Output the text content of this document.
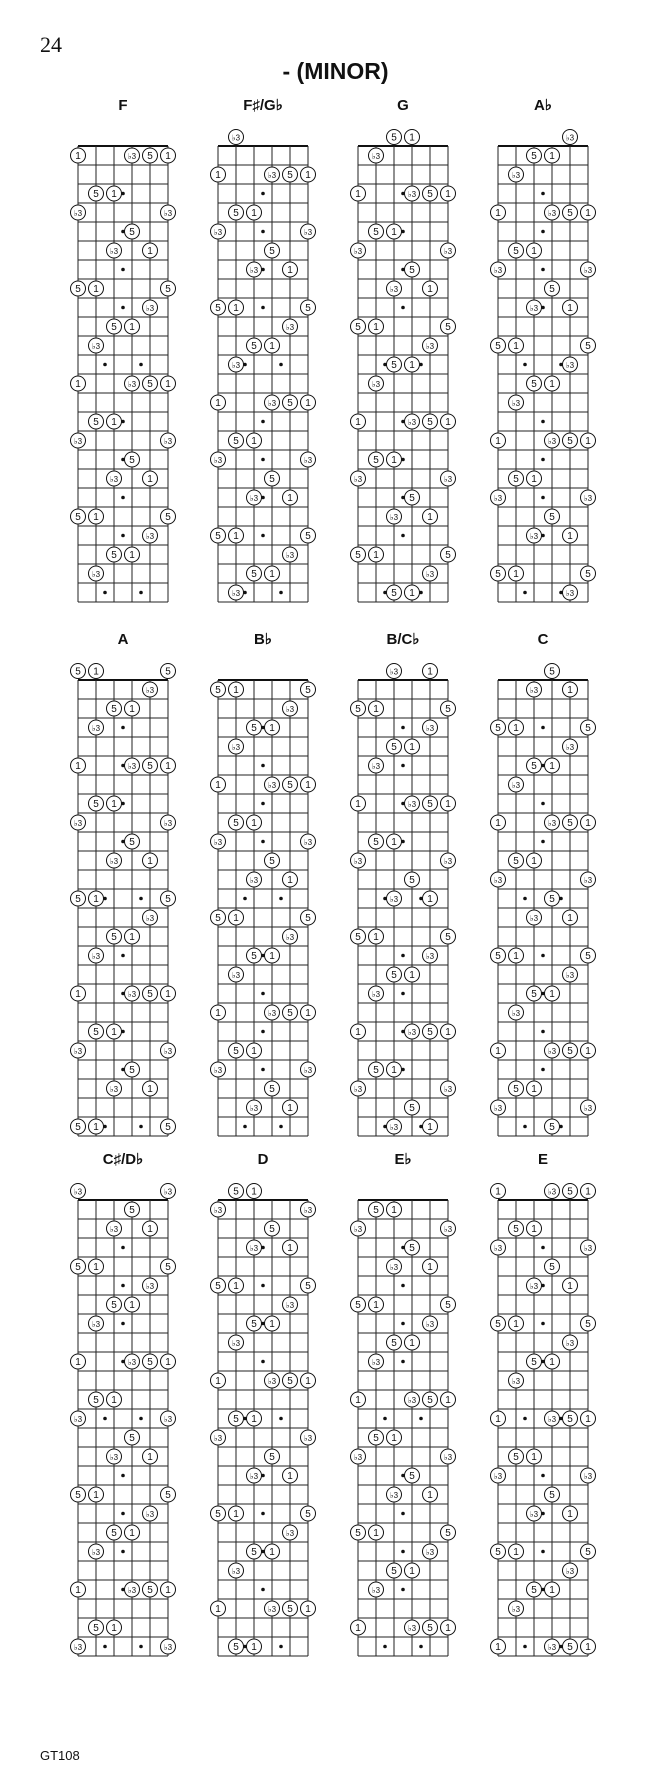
24
- (MINOR)
F
1
♭3
5
1
♭3
5
5
1
♭3
5
1
♭3
1
♭3
5
1
♭3
5
♭3
5
1
♭3
5
1
5
1
♭3
5
1
♭3
1
♭3
5
1
♭3
5
F♯/G♭
1
♭3
5
1
♭3
5
♭3
5
1
♭3
5
1
♭3
1
♭3
5
1
♭3
5
♭3
5
1
♭3
5
1
5
1
♭3
5
1
♭3
1
♭3
5
1
♭3
5
G
1
♭3
5
1
♭3
5
♭3
5
1
♭3
5
1
5
1
♭3
5
1
♭3
5
1
♭3
5
1
♭3
5
1
5
1
♭3
5
1
♭3
1
♭3
5
1
♭3
5
A♭
1
♭3
5
1
♭3
5
♭3
5
1
♭3
5
1
5
1
♭3
5
1
♭3
1
♭3
5
1
♭3
5
♭3
5
1
♭3
5
1
♭3
1
♭3
5
1
♭3
5
A
5
1
♭3
5
1
♭3
5
1
♭3
5
1
♭3
5
1
5
1
♭3
5
1
♭3
1
♭3
5
1
♭3
5
♭3
5
1
♭3
5
1
5
1
♭3
5
1
♭3
5
B♭
5
1
♭3
5
1
♭3
1
♭3
5
1
♭3
5
5
1
♭3
5
1
♭3
1
♭3
5
1
♭3
5
♭3
5
1
♭3
5
1
5
1
♭3
5
1
♭3
B/C♭
5
1
♭3
5
1
♭3
1
♭3
5
1
♭3
5
♭3
5
1
♭3
5
1
♭3
1
♭3
5
1
♭3
5
1
♭3
5
1
♭3
5
1
5
1
♭3
5
1
♭3
C
5
1
♭3
5
1
♭3
1
♭3
5
1
♭3
5
♭3
5
1
♭3
5
1
5
1
♭3
5
1
♭3
5
1
♭3
5
1
♭3
5
5
1
♭3
5
1
♭3
C♯/D♭
♭3
5
1
♭3
5
1
♭3
1
♭3
5
1
♭3
5
♭3
5
1
♭3
5
1
5
1
♭3
5
1
♭3
1
♭3
5
1
♭3
5
♭3
5
1
♭3
5
1
♭3
D
♭3
5
1
♭3
5
1
5
1
♭3
5
1
♭3
5
1
♭3
5
1
♭3
5
1
5
1
♭3
5
1
♭3
1
♭3
5
1
♭3
5
♭3
5
1
♭3
5
1
E♭
♭3
5
1
♭3
5
1
5
1
♭3
5
1
♭3
1
♭3
5
1
♭3
5
5
1
♭3
5
1
♭3
1
♭3
5
1
♭3
5
♭3
5
1
♭3
5
1
E
1
♭3
5
1
♭3
5
1
5
1
♭3
5
1
♭3
1
♭3
5
1
♭3
5
♭3
5
1
♭3
5
1
♭3
5
1
♭3
5
1
♭3
5
1
♭3
5
1
♭3
5
1
GT108
